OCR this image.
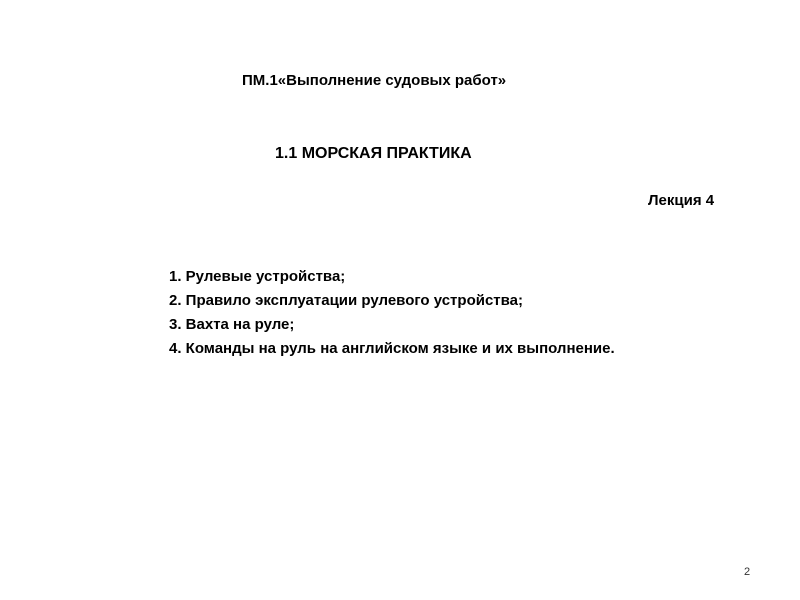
ПМ.1«Выполнение судовых работ»
1.1 МОРСКАЯ ПРАКТИКА
Лекция 4
1. Рулевые устройства;
2. Правило эксплуатации рулевого устройства;
3. Вахта на руле;
4. Команды на руль на английском языке и их выполнение.
2
